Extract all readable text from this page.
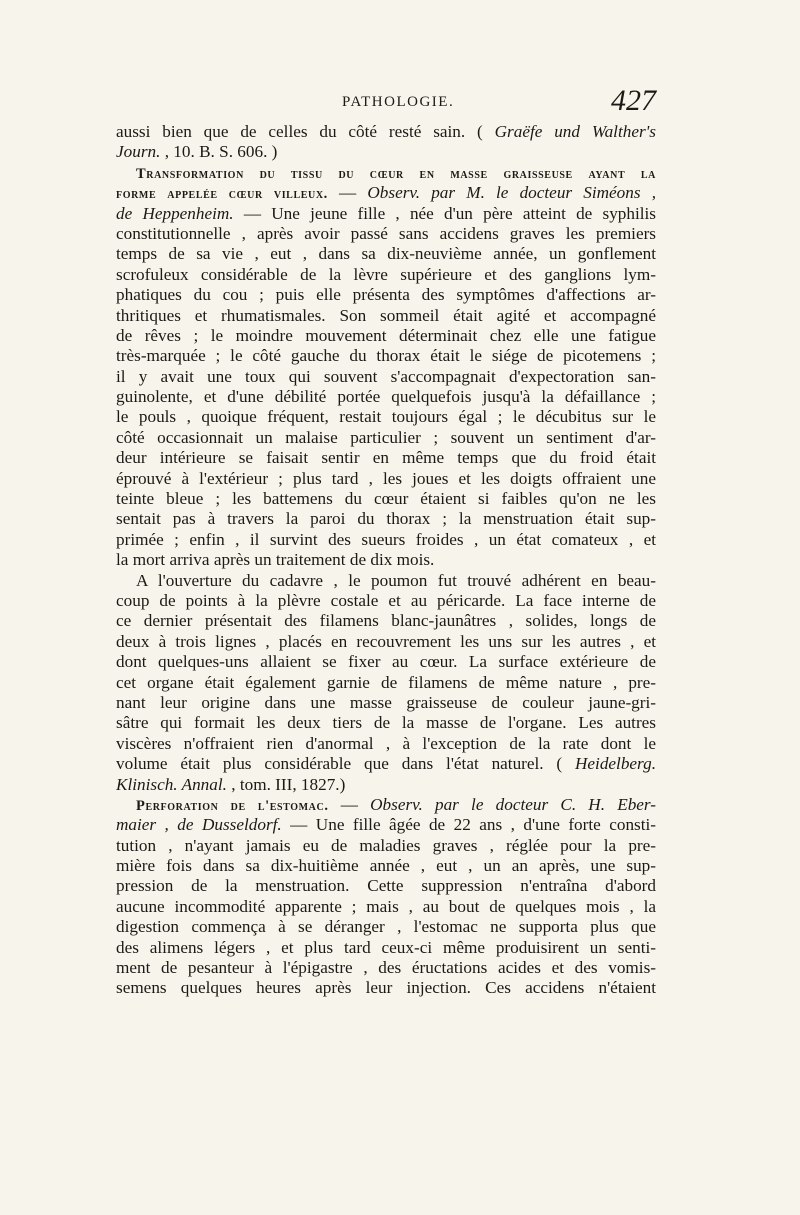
PATHOLOGIE.	427
aussi bien que de celles du côté resté sain. ( Graëfe und Walther's
Journ. , 10. B. S. 606. )
Transformation du tissu du cœur en masse graisseuse ayant la
forme appelée cœur villeux. — Observ. par M. le docteur Siméons ,
de Heppenheim. — Une jeune fille , née d'un père atteint de syphilis
constitutionnelle , après avoir passé sans accidens graves les premiers
temps de sa vie , eut , dans sa dix-neuvième année, un gonflement
scrofuleux considérable de la lèvre supérieure et des ganglions lym-
phatiques du cou ; puis elle présenta des symptômes d'affections ar-
thritiques et rhumatismales. Son sommeil était agité et accompagné
de rêves ; le moindre mouvement déterminait chez elle une fatigue
très-marquée ; le côté gauche du thorax était le siége de picotemens ;
il y avait une toux qui souvent s'accompagnait d'expectoration san-
guinolente, et d'une débilité portée quelquefois jusqu'à la défaillance ;
le pouls , quoique fréquent, restait toujours égal ; le décubitus sur le
côté occasionnait un malaise particulier ; souvent un sentiment d'ar-
deur intérieure se faisait sentir en même temps que du froid était
éprouvé à l'extérieur ; plus tard , les joues et les doigts offraient une
teinte bleue ; les battemens du cœur étaient si faibles qu'on ne les
sentait pas à travers la paroi du thorax ; la menstruation était sup-
primée ; enfin , il survint des sueurs froides , un état comateux , et
la mort arriva après un traitement de dix mois.
A l'ouverture du cadavre , le poumon fut trouvé adhérent en beau-
coup de points à la plèvre costale et au péricarde. La face interne de
ce dernier présentait des filamens blanc-jaunâtres , solides, longs de
deux à trois lignes , placés en recouvrement les uns sur les autres , et
dont quelques-uns allaient se fixer au cœur. La surface extérieure de
cet organe était également garnie de filamens de même nature , pre-
nant leur origine dans une masse graisseuse de couleur jaune-gri-
sâtre qui formait les deux tiers de la masse de l'organe. Les autres
viscères n'offraient rien d'anormal , à l'exception de la rate dont le
volume était plus considérable que dans l'état naturel. ( Heidelberg.
Klinisch. Annal. , tom. III, 1827.)
Perforation de l'estomac. — Observ. par le docteur C. H. Eber-
maier , de Dusseldorf. — Une fille âgée de 22 ans , d'une forte consti-
tution , n'ayant jamais eu de maladies graves , réglée pour la pre-
mière fois dans sa dix-huitième année , eut , un an après, une sup-
pression de la menstruation. Cette suppression n'entraîna d'abord
aucune incommodité apparente ; mais , au bout de quelques mois , la
digestion commença à se déranger , l'estomac ne supporta plus que
des alimens légers , et plus tard ceux-ci même produisirent un senti-
ment de pesanteur à l'épigastre , des éructations acides et des vomis-
semens quelques heures après leur injection. Ces accidens n'étaient
